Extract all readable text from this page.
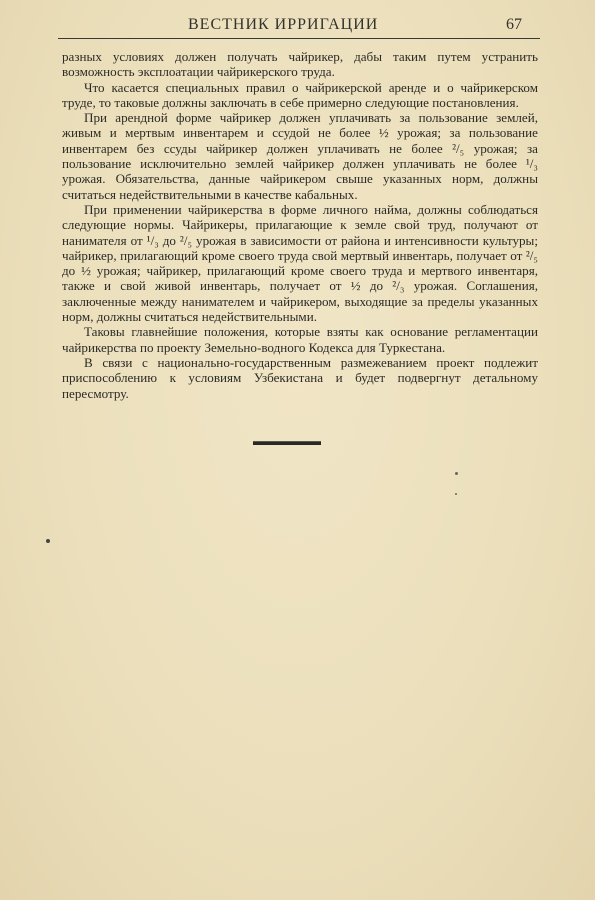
ВЕСТНИК ИРРИГАЦИИ	67

разных условиях должен получать чайрикер, дабы таким путем устранить возможность эксплоатации чайрикерского труда.

Что касается специальных правил о чайрикерской аренде и о чайрикерском труде, то таковые должны заключать в себе примерно следующие постановления.

При арендной форме чайрикер должен уплачивать за пользование землей, живым и мертвым инвентарем и ссудой не более ½ урожая; за пользование инвентарем без ссуды чайрикер должен уплачивать не более ²/₅ урожая; за пользование исключительно землей чайрикер должен уплачивать не более ¹/₃ урожая. Обязательства, данные чайрикером свыше указанных норм, должны считаться недействительными в качестве кабальных.

При применении чайрикерства в форме личного найма, должны соблюдаться следующие нормы. Чайрикеры, прилагающие к земле свой труд, получают от нанимателя от ¹/₃ до ²/₅ урожая в зависимости от района и интенсивности культуры; чайрикер, прилагающий кроме своего труда свой мертвый инвентарь, получает от ²/₅ до ½ урожая; чайрикер, прилагающий кроме своего труда и мертвого инвентаря, также и свой живой инвентарь, получает от ½ до ²/₃ урожая. Соглашения, заключенные между нанимателем и чайрикером, выходящие за пределы указанных норм, должны считаться недействительными.

Таковы главнейшие положения, которые взяты как основание регламентации чайрикерства по проекту Земельно-водного Кодекса для Туркестана.

В связи с национально-государственным размежеванием проект подлежит приспособлению к условиям Узбекистана и будет подвергнут детальному пересмотру.
